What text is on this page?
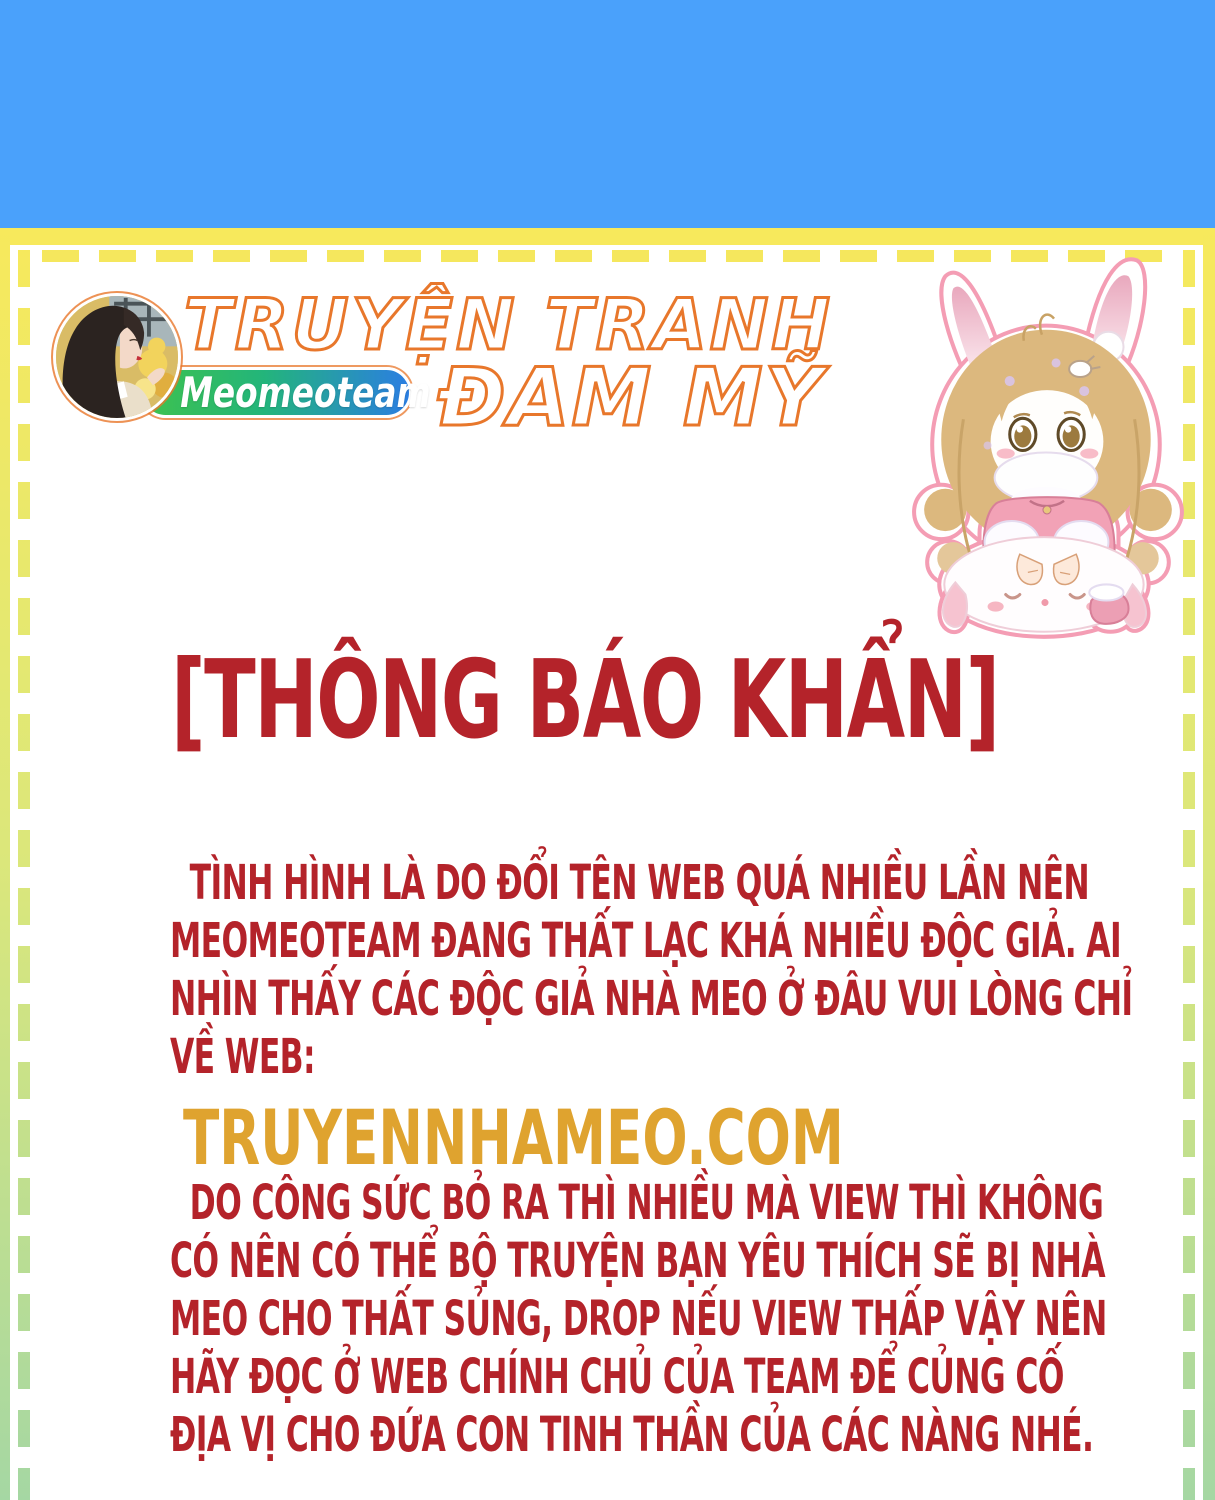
Meomeoteam
TRUYỆN TRANH
ĐAM MỸ
[THÔNG BÁO KHẨN]
TÌNH HÌNH LÀ DO ĐỔI TÊN WEB QUÁ NHIỀU LẦN NÊN
MEOMEOTEAM ĐANG THẤT LẠC KHÁ NHIỀU ĐỘC GIẢ. AI
NHÌN THẤY CÁC ĐỘC GIẢ NHÀ MEO Ở ĐÂU VUI LÒNG CHỈ
VỀ WEB:
TRUYENNHAMEO.COM
DO CÔNG SỨC BỎ RA THÌ NHIỀU MÀ VIEW THÌ KHÔNG
CÓ NÊN CÓ THỂ BỘ TRUYỆN BẠN YÊU THÍCH SẼ BỊ NHÀ
MEO CHO THẤT SỦNG, DROP NẾU VIEW THẤP VẬY NÊN
HÃY ĐỌC Ở WEB CHÍNH CHỦ CỦA TEAM ĐỂ CỦNG CỐ
ĐỊA VỊ CHO ĐỨA CON TINH THẦN CỦA CÁC NÀNG NHÉ.
